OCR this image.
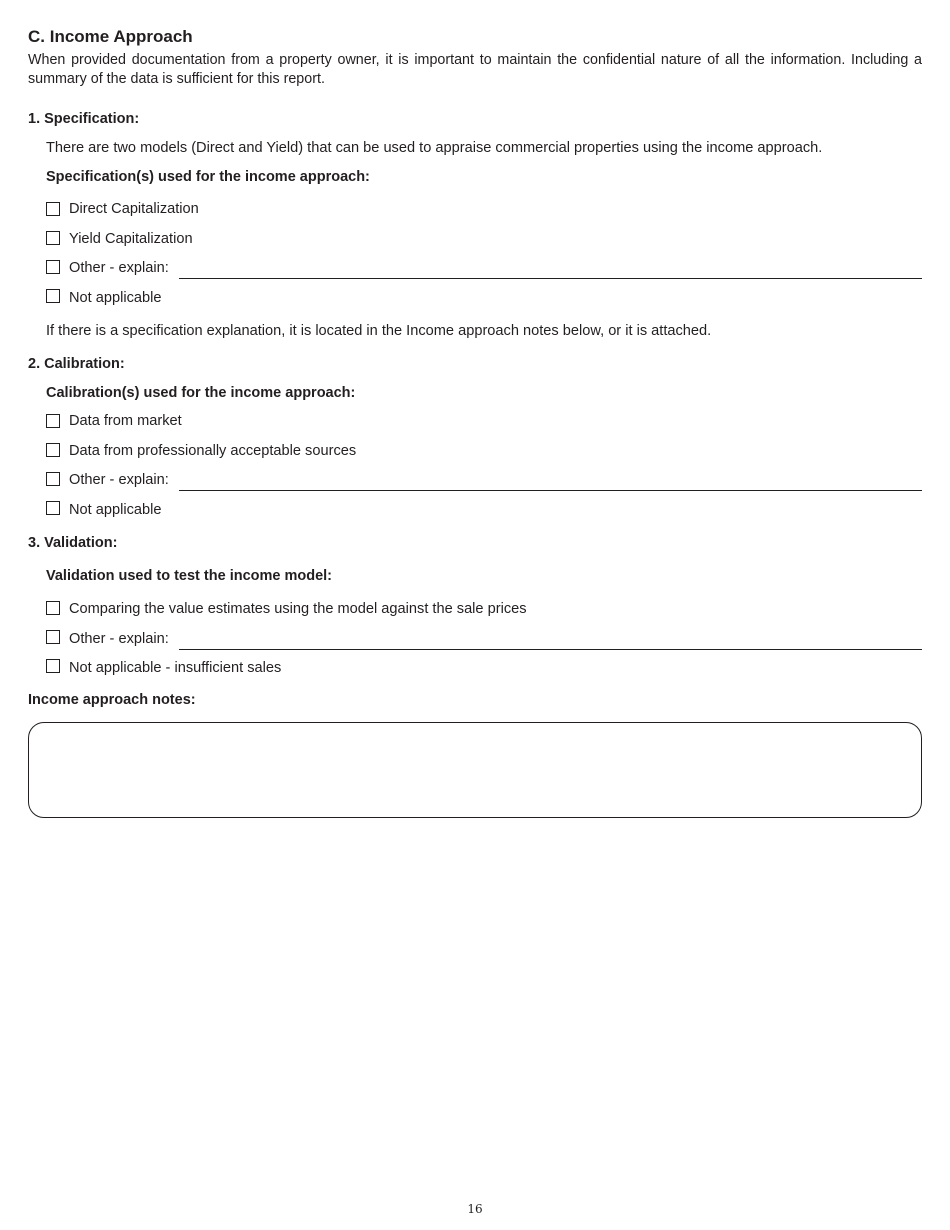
C. Income Approach
When provided documentation from a property owner, it is important to maintain the confidential nature of all the information. Including a summary of the data is sufficient for this report.
1. Specification:
There are two models (Direct and Yield) that can be used to appraise commercial properties using the income approach.
Specification(s) used for the income approach:
Direct Capitalization
Yield Capitalization
Other - explain:
Not applicable
If there is a specification explanation, it is located in the Income approach notes below, or it is attached.
2. Calibration:
Calibration(s) used for the income approach:
Data from market
Data from professionally acceptable sources
Other - explain:
Not applicable
3. Validation:
Validation used to test the income model:
Comparing the value estimates using the model against the sale prices
Other - explain:
Not applicable - insufficient sales
Income approach notes:
16
